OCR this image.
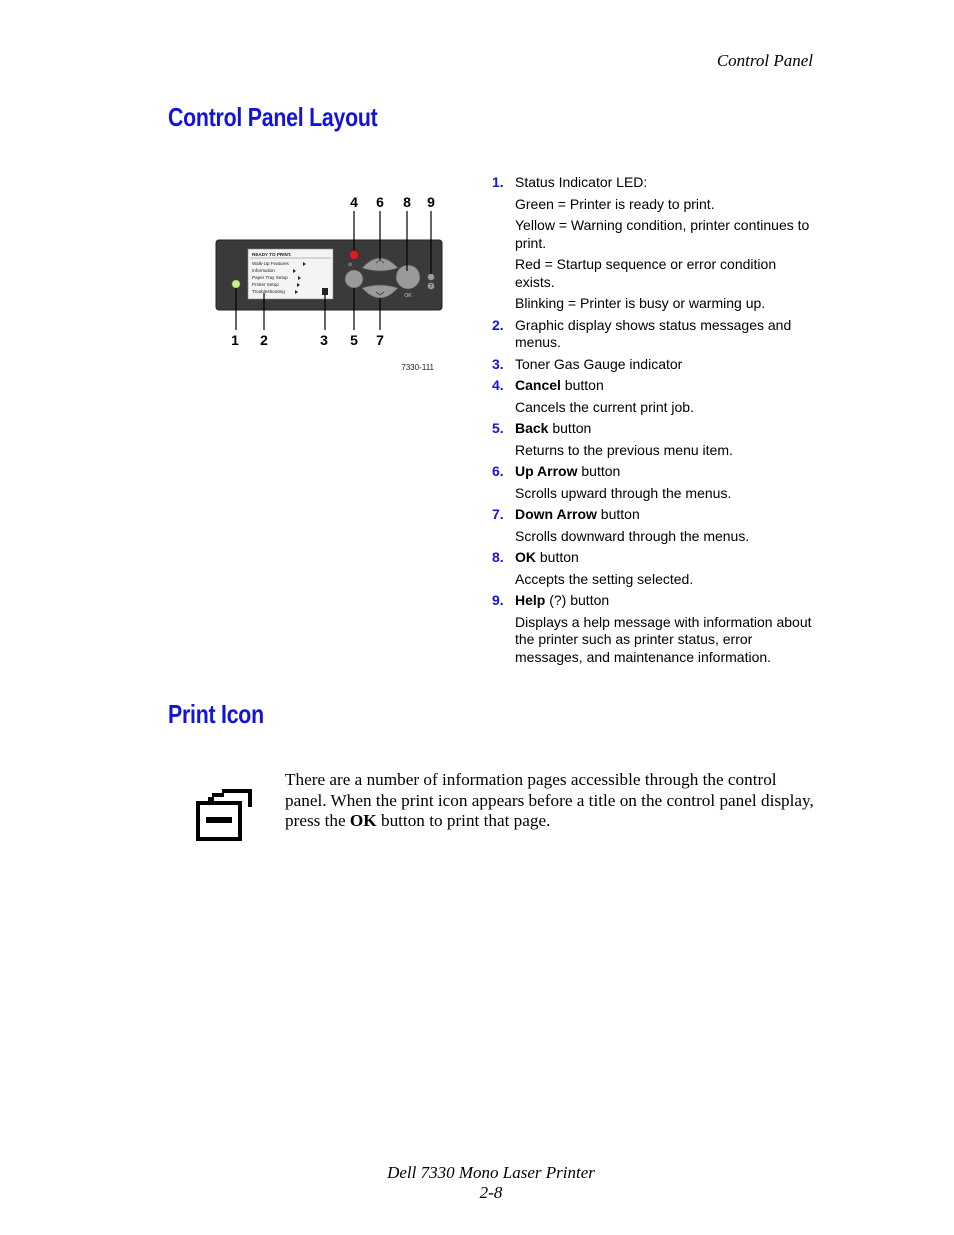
Control Panel
Control Panel Layout
4 6 8 9
READY TO PRINT.
Walk-Up Features
Information
Paper Tray Setup
Printer Setup
Troubleshooting
⊘
OK
?
1 2	3 5 7
7330-111
1. Status Indicator LED:
Green = Printer is ready to print.
Yellow = Warning condition, printer continues to print.
Red = Startup sequence or error condition exists.
Blinking = Printer is busy or warming up.
2. Graphic display shows status messages and menus.
3. Toner Gas Gauge indicator
4. Cancel button
Cancels the current print job.
5. Back button
Returns to the previous menu item.
6. Up Arrow button
Scrolls upward through the menus.
7. Down Arrow button
Scrolls downward through the menus.
8. OK button
Accepts the setting selected.
9. Help (?) button
Displays a help message with information about the printer such as printer status, error messages, and maintenance information.
Print Icon
There are a number of information pages accessible through the control panel. When the print icon appears before a title on the control panel display, press the OK button to print that page.
Dell 7330 Mono Laser Printer
2-8
